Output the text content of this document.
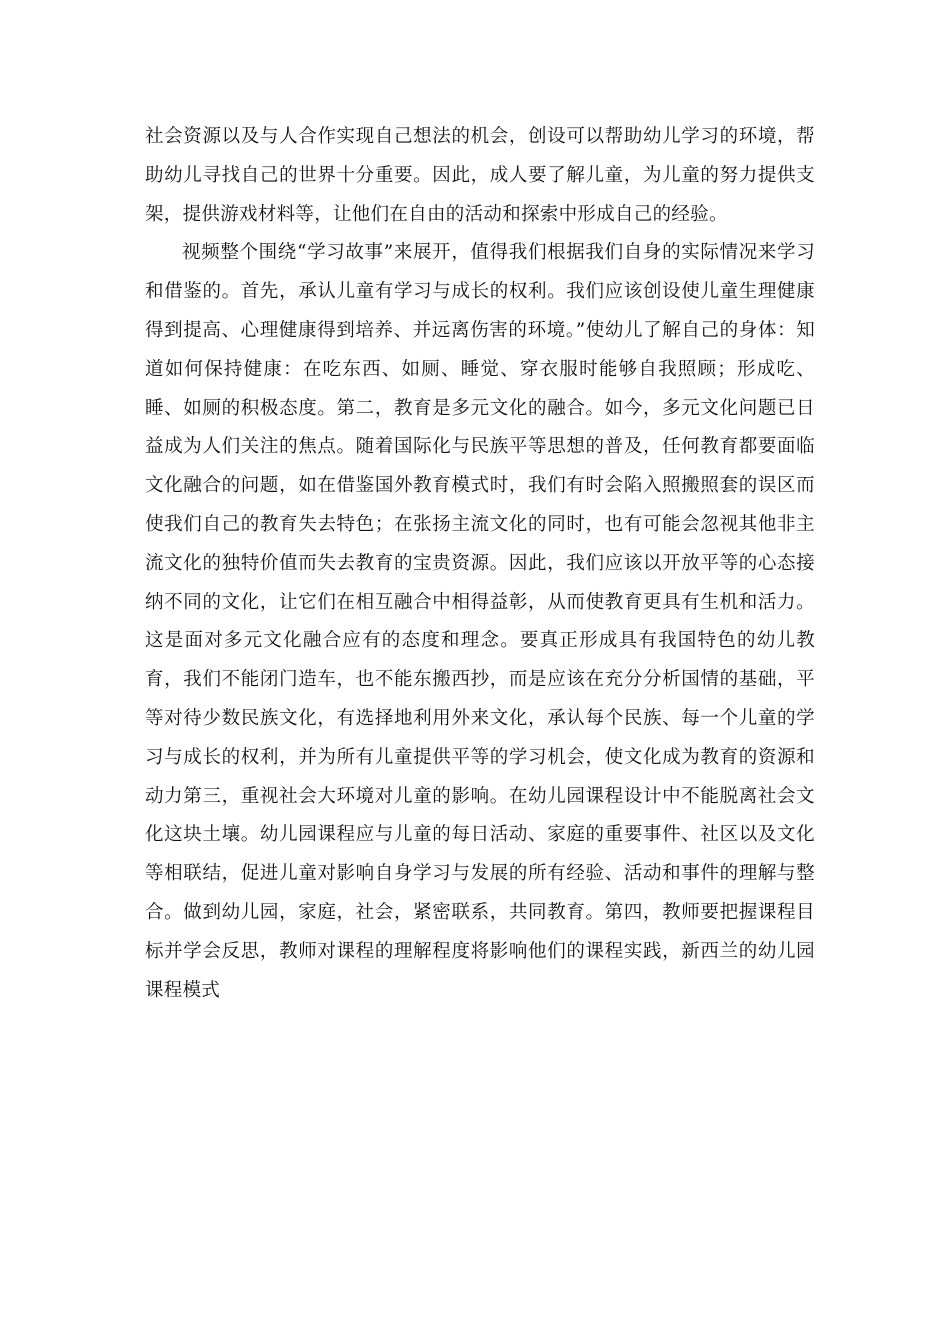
社会资源以及与人合作实现自己想法的机会，创设可以帮助幼儿学习的环境，帮助幼儿寻找自己的世界十分重要。因此，成人要了解儿童，为儿童的努力提供支架，提供游戏材料等，让他们在自由的活动和探索中形成自己的经验。

视频整个围绕“学习故事”来展开，值得我们根据我们自身的实际情况来学习和借鉴的。首先，承认儿童有学习与成长的权利。我们应该创设使儿童生理健康得到提高、心理健康得到培养、并远离伤害的环境。”使幼儿了解自己的身体：知道如何保持健康：在吃东西、如厕、睡觉、穿衣服时能够自我照顾；形成吃、睡、如厕的积极态度。第二，教育是多元文化的融合。如今，多元文化问题已日益成为人们关注的焦点。随着国际化与民族平等思想的普及，任何教育都要面临文化融合的问题，如在借鉴国外教育模式时，我们有时会陷入照搬照套的误区而使我们自己的教育失去特色；在张扬主流文化的同时，也有可能会忽视其他非主流文化的独特价值而失去教育的宝贵资源。因此，我们应该以开放平等的心态接纳不同的文化，让它们在相互融合中相得益彰，从而使教育更具有生机和活力。这是面对多元文化融合应有的态度和理念。要真正形成具有我国特色的幼儿教育，我们不能闭门造车，也不能东搬西抄，而是应该在充分分析国情的基础，平等对待少数民族文化，有选择地利用外来文化，承认每个民族、每一个儿童的学习与成长的权利，并为所有儿童提供平等的学习机会，使文化成为教育的资源和动力第三，重视社会大环境对儿童的影响。在幼儿园课程设计中不能脱离社会文化这块土壤。幼儿园课程应与儿童的每日活动、家庭的重要事件、社区以及文化等相联结，促进儿童对影响自身学习与发展的所有经验、活动和事件的理解与整合。做到幼儿园，家庭，社会，紧密联系，共同教育。第四，教师要把握课程目标并学会反思，教师对课程的理解程度将影响他们的课程实践，新西兰的幼儿园课程模式
